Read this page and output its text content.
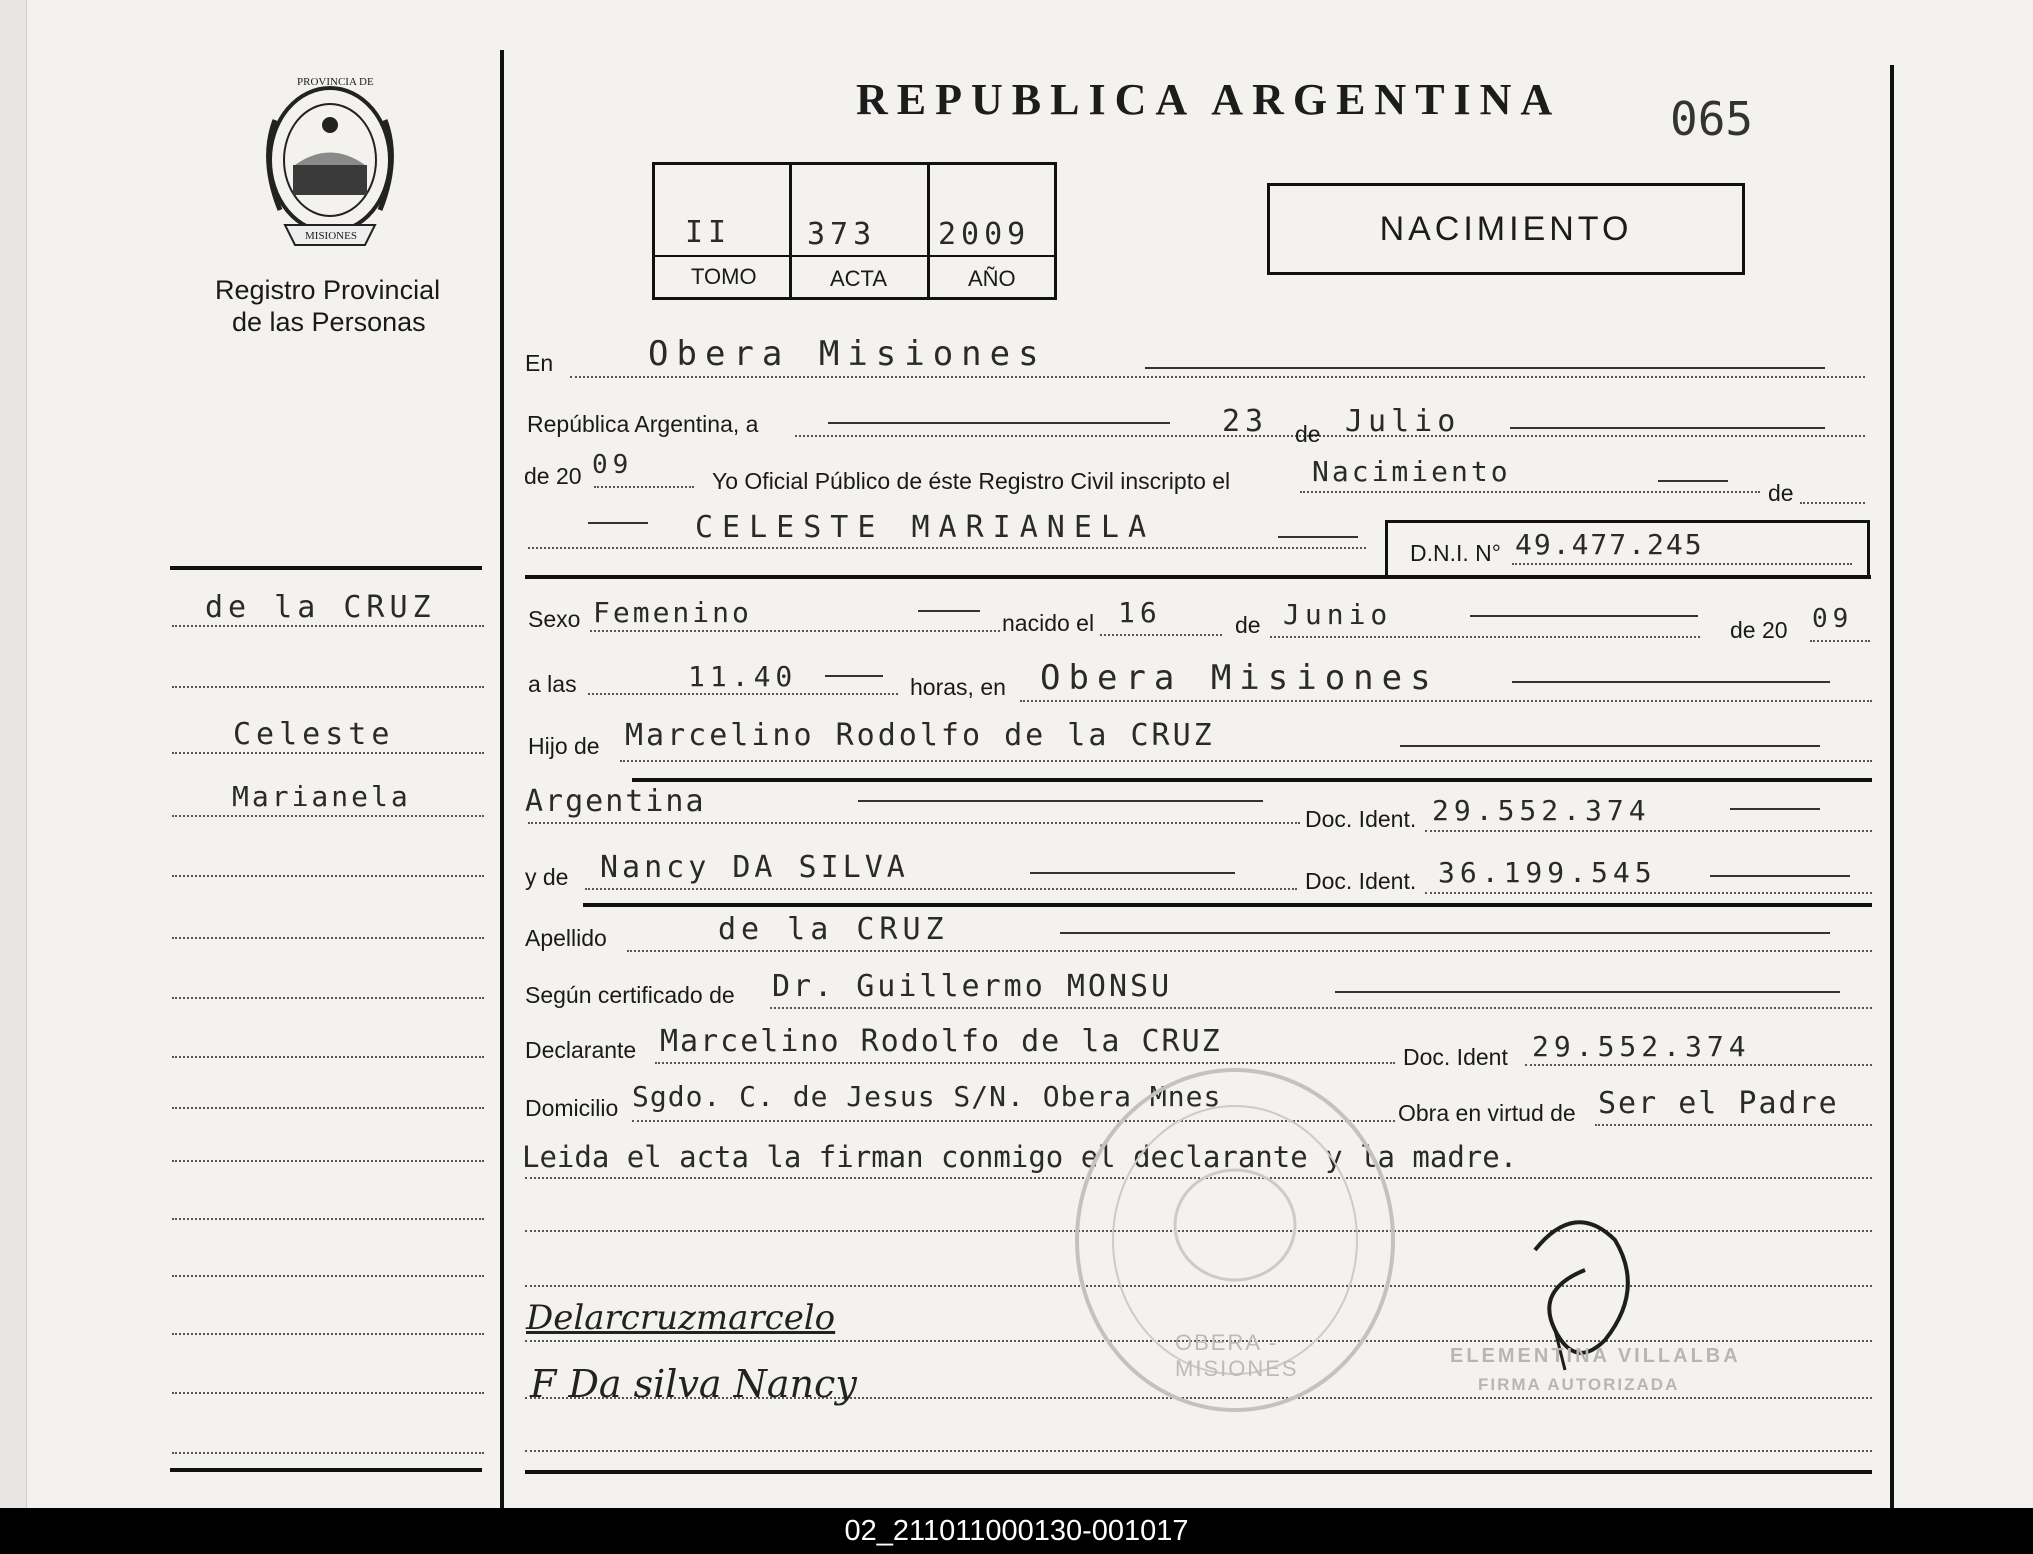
PROVINCIA DE
MISIONES
Registro Provincial
de las Personas
de la CRUZ
Celeste
Marianela
REPUBLICA ARGENTINA 065
II	373 2009
TOMO	ACTA	AÑO
NACIMIENTO
En	Obera Misiones
República Argentina, a	23 de Julio
de 20 09
Yo Oficial Público de éste Registro Civil inscripto el	Nacimiento
de
CELESTE MARIANELA
D.N.I. N° 49.477.245
Sexo Femenino	nacido el 16	de Junio	de 20 09
a las	11.40	horas, en Obera Misiones
Hijo de Marcelino Rodolfo de la CRUZ
Argentina	Doc. Ident. 29.552.374
y de Nancy DA SILVA	Doc. Ident. 36.199.545
Apellido	de la CRUZ
Según certificado de Dr. Guillermo MONSU
Declarante Marcelino Rodolfo de la CRUZ	Doc. Ident 29.552.374
Domicilio Sgdo. C. de Jesus S/N. Obera Mnes	Obra en virtud de Ser el Padre
Leida el acta la firman conmigo el declarante y la madre.
Delarcruzmarcelo
F Da silva Nancy
OBERA - MISIONES	ELEMENTINA VILLALBA
FIRMA AUTORIZADA
02_211011000130-001017
